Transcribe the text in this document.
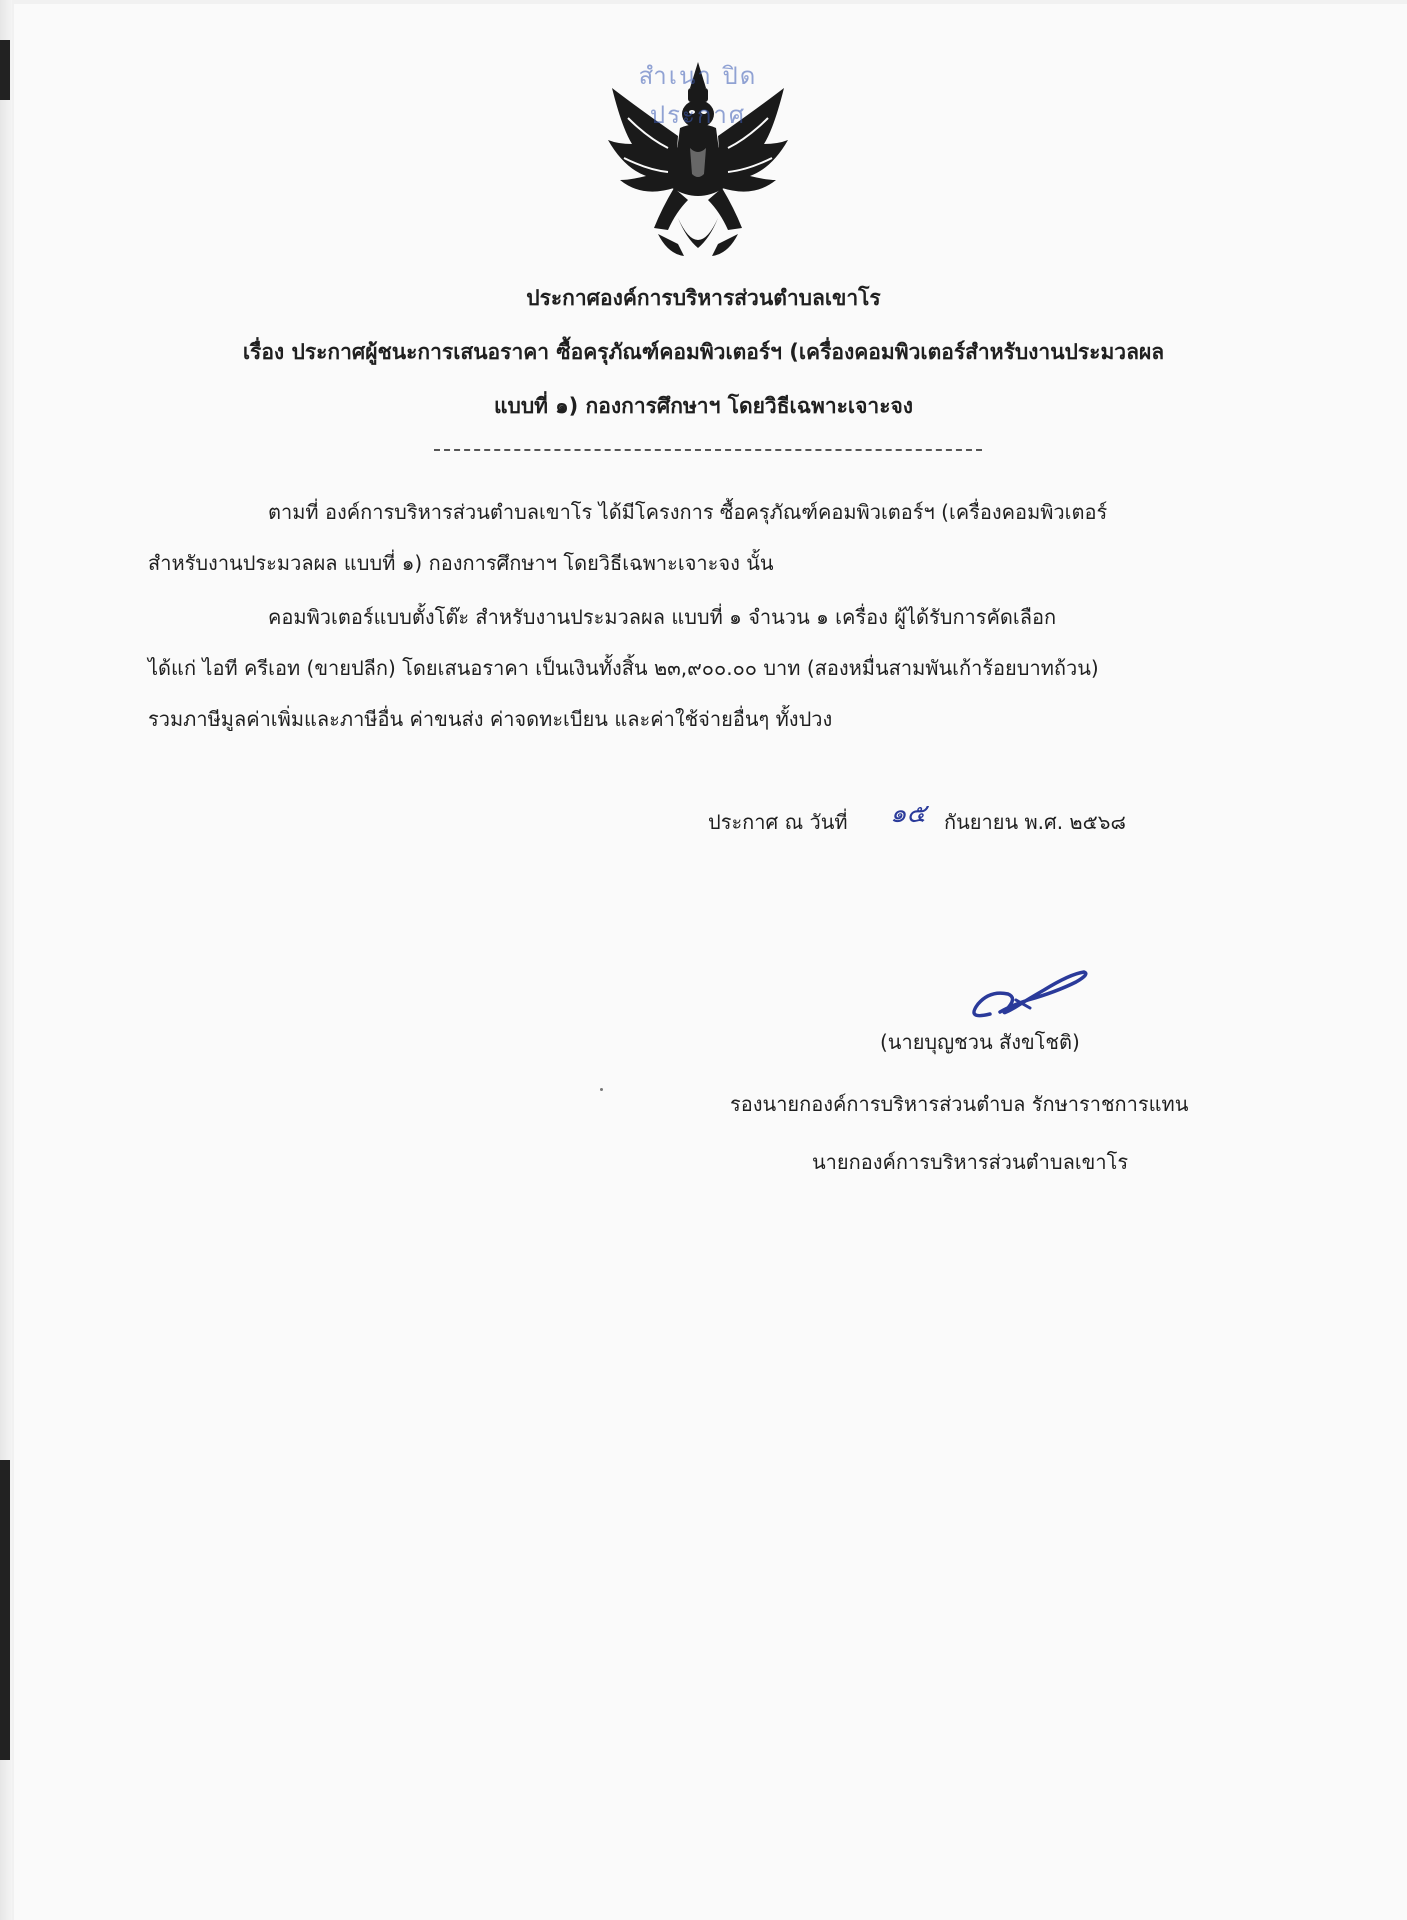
สำเนา ปิดประกาศ
ประกาศองค์การบริหารส่วนตำบลเขาโร
เรื่อง ประกาศผู้ชนะการเสนอราคา ซื้อครุภัณฑ์คอมพิวเตอร์ฯ (เครื่องคอมพิวเตอร์สำหรับงานประมวลผล
แบบที่ ๑) กองการศึกษาฯ โดยวิธีเฉพาะเจาะจง
ตามที่ องค์การบริหารส่วนตำบลเขาโร ได้มีโครงการ ซื้อครุภัณฑ์คอมพิวเตอร์ฯ (เครื่องคอมพิวเตอร์
สำหรับงานประมวลผล แบบที่ ๑) กองการศึกษาฯ โดยวิธีเฉพาะเจาะจง นั้น
คอมพิวเตอร์แบบตั้งโต๊ะ สำหรับงานประมวลผล แบบที่ ๑ จำนวน ๑ เครื่อง ผู้ได้รับการคัดเลือก
ได้แก่ ไอที ครีเอท (ขายปลีก) โดยเสนอราคา เป็นเงินทั้งสิ้น ๒๓,๙๐๐.๐๐ บาท (สองหมื่นสามพันเก้าร้อยบาทถ้วน)
รวมภาษีมูลค่าเพิ่มและภาษีอื่น ค่าขนส่ง ค่าจดทะเบียน และค่าใช้จ่ายอื่นๆ ทั้งปวง
ประกาศ ณ วันที่ ๑๕ กันยายน พ.ศ. ๒๕๖๘
(นายบุญชวน สังขโชติ)
รองนายกองค์การบริหารส่วนตำบล รักษาราชการแทน
นายกองค์การบริหารส่วนตำบลเขาโร
